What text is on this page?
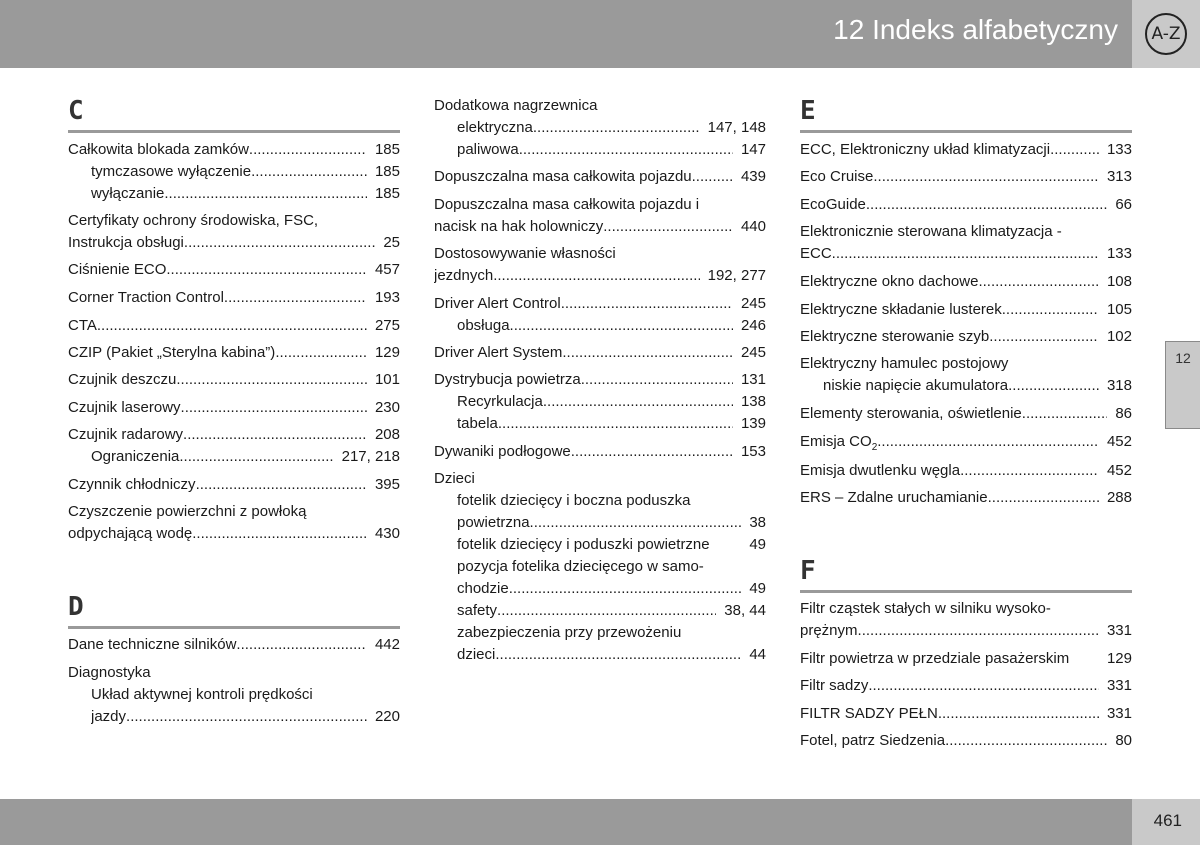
12 Indeks alfabetyczny A-Z
12
461
C
Całkowita blokada zamków .....	185
tymczasowe wyłączenie .....	185
wyłączanie .....	185
Certyfikaty ochrony środowiska, FSC,
Instrukcja obsługi .....	25
Ciśnienie ECO .....	457
Corner Traction Control .....	193
CTA .....	275
CZIP (Pakiet „Sterylna kabina”) .....	129
Czujnik deszczu .....	101
Czujnik laserowy .....	230
Czujnik radarowy .....	208
Ograniczenia .....	217, 218
Czynnik chłodniczy .....	395
Czyszczenie powierzchni z powłoką
odpychającą wodę .....	430
D
Dane techniczne silników .....	442
Diagnostyka
Układ aktywnej kontroli prędkości
jazdy .....	220
Dodatkowa nagrzewnica
elektryczna .....	147, 148
paliwowa .....	147
Dopuszczalna masa całkowita pojazdu .....	439
Dopuszczalna masa całkowita pojazdu i
nacisk na hak holowniczy .....	440
Dostosowywanie własności
jezdnych .....	192, 277
Driver Alert Control .....	245
obsługa .....	246
Driver Alert System .....	245
Dystrybucja powietrza .....	131
Recyrkulacja .....	138
tabela .....	139
Dywaniki podłogowe .....	153
Dzieci
fotelik dziecięcy i boczna poduszka
powietrzna .....	38
fotelik dziecięcy i poduszki powietrzne	49
pozycja fotelika dziecięcego w samo-
chodzie .....	49
safety .....	38, 44
zabezpieczenia przy przewożeniu
dzieci .....	44
E
ECC, Elektroniczny układ klimatyzacji .....	133
Eco Cruise .....	313
EcoGuide .....	66
Elektronicznie sterowana klimatyzacja -
ECC .....	133
Elektryczne okno dachowe .....	108
Elektryczne składanie lusterek .....	105
Elektryczne sterowanie szyb .....	102
Elektryczny hamulec postojowy
niskie napięcie akumulatora .....	318
Elementy sterowania, oświetlenie .....	86
Emisja $CO_2$ .....	452
Emisja dwutlenku węgla .....	452
ERS – Zdalne uruchamianie .....	288
F
Filtr cząstek stałych w silniku wysoko-
prężnym .....	331
Filtr powietrza w przedziale pasażerskim	129
Filtr sadzy .....	331
FILTR SADZY PEŁN .....	331
Fotel, patrz Siedzenia .....	80
